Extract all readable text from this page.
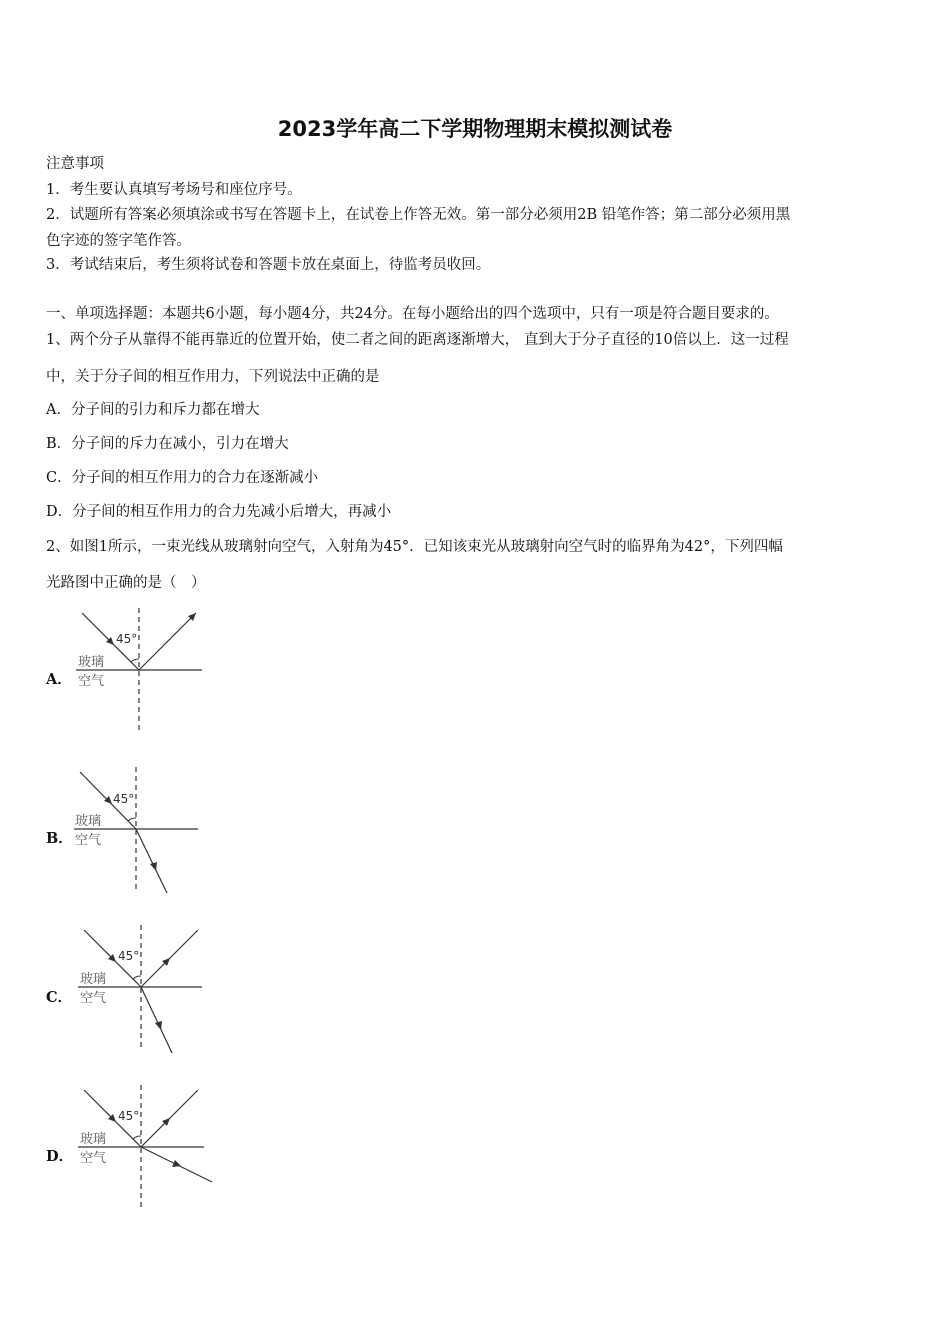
2023学年高二下学期物理期末模拟测试卷
注意事项
1．考生要认真填写考场号和座位序号。
2．试题所有答案必须填涂或书写在答题卡上，在试卷上作答无效。第一部分必须用2B 铅笔作答；第二部分必须用黑
色字迹的签字笔作答。
3．考试结束后，考生须将试卷和答题卡放在桌面上，待监考员收回。
一、单项选择题：本题共6小题，每小题4分，共24分。在每小题给出的四个选项中，只有一项是符合题目要求的。
1、两个分子从靠得不能再靠近的位置开始，使二者之间的距离逐渐增大， 直到大于分子直径的10倍以上．这一过程
中，关于分子间的相互作用力，下列说法中正确的是
A．分子间的引力和斥力都在增大
B．分子间的斥力在减小，引力在增大
C．分子间的相互作用力的合力在逐渐减小
D．分子间的相互作用力的合力先减小后增大，再减小
2、如图1所示，一束光线从玻璃射向空气，入射角为45°．已知该束光从玻璃射向空气时的临界角为42°，下列四幅
光路图中正确的是（　）
A．
45°
玻璃
空气
B．
45°
玻璃
空气
C．
45°
玻璃
空气
D．
45°
玻璃
空气
